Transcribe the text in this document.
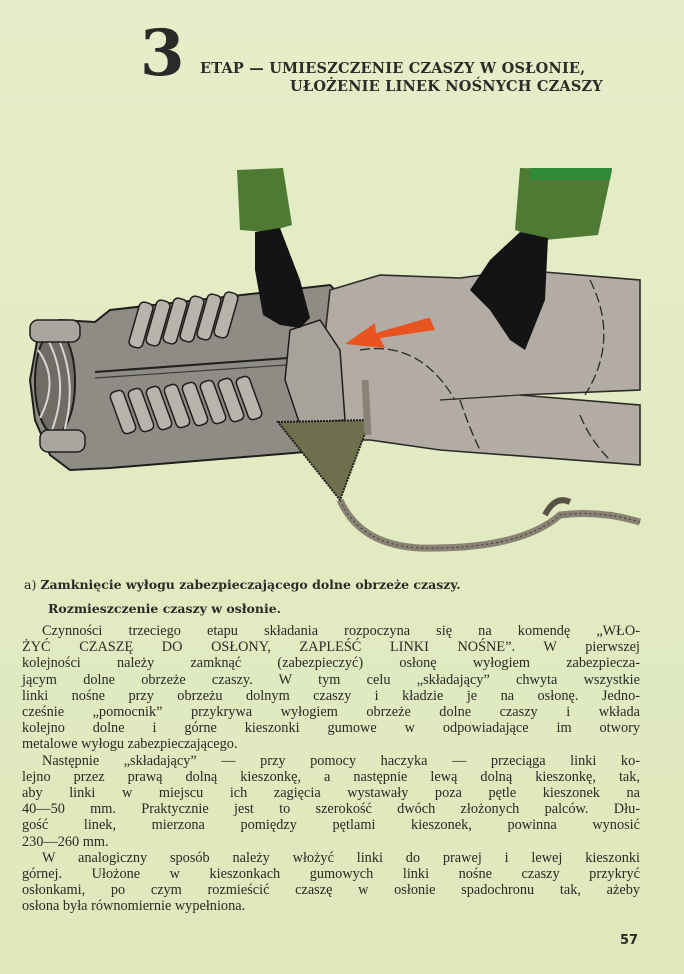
3 ETAP — UMIESZCZENIE CZASZY W OSŁONIE,
UŁOŻENIE LINEK NOŚNYCH CZASZY
a) Zamknięcie wyłogu zabezpieczającego dolne obrzeże czaszy.
Rozmieszczenie czaszy w osłonie.
Czynności trzeciego etapu składania rozpoczyna się na komendę „WŁO-
ŻYĆ CZASZĘ DO OSŁONY, ZAPLEŚĆ LINKI NOŚNE”. W pierwszej
kolejności należy zamknąć (zabezpieczyć) osłonę wyłogiem zabezpiecza-
jącym dolne obrzeże czaszy. W tym celu „składający” chwyta wszystkie
linki nośne przy obrzeżu dolnym czaszy i kładzie je na osłonę. Jedno-
cześnie „pomocnik” przykrywa wyłogiem obrzeże dolne czaszy i wkłada
kolejno dolne i górne kieszonki gumowe w odpowiadające im otwory
metalowe wyłogu zabezpieczającego.
Następnie „składający” — przy pomocy haczyka — przeciąga linki ko-
lejno przez prawą dolną kieszonkę, a następnie lewą dolną kieszonkę, tak,
aby linki w miejscu ich zagięcia wystawały poza pętle kieszonek na
40—50 mm. Praktycznie jest to szerokość dwóch złożonych palców. Dłu-
gość linek, mierzona pomiędzy pętlami kieszonek, powinna wynosić
230—260 mm.
W analogiczny sposób należy włożyć linki do prawej i lewej kieszonki
górnej. Ułożone w kieszonkach gumowych linki nośne czaszy przykryć
osłonkami, po czym rozmieścić czaszę w osłonie spadochronu tak, ażeby
osłona była równomiernie wypełniona.
57
